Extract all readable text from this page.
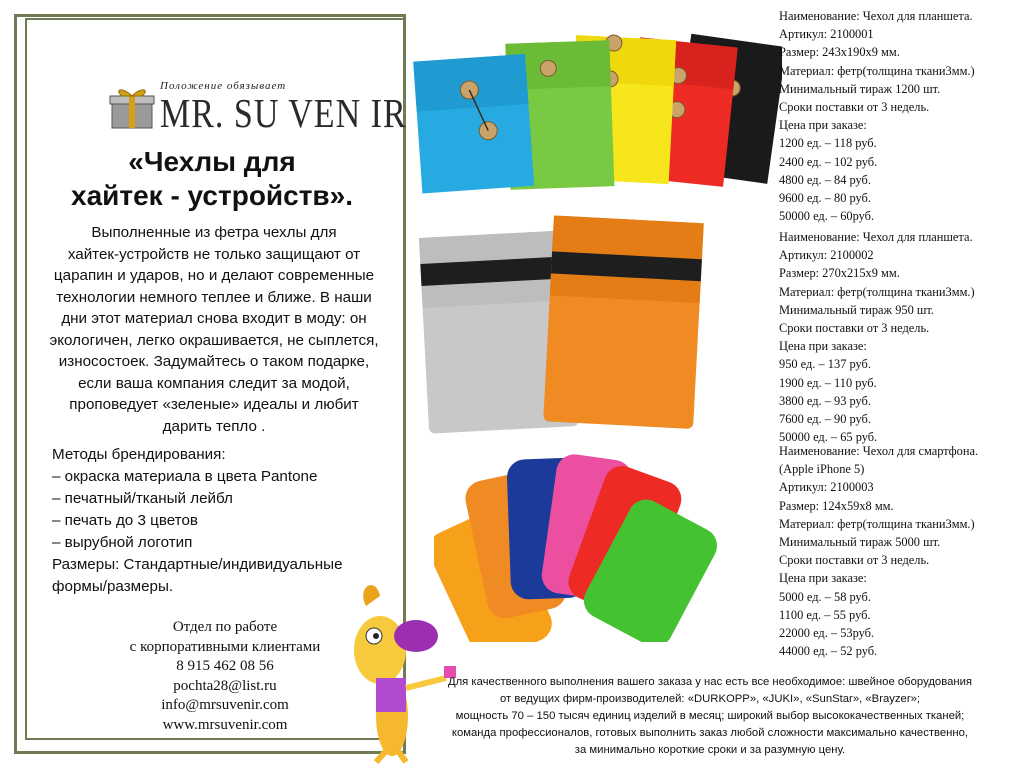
Положение обязывает
MR. SU VEN IR
«Чехлы для
хайтек - устройств».
Выполненные из фетра чехлы для
хайтек-устройств не только защищают от
царапин и ударов, но и делают современные
технологии немного теплее и ближе. В наши
дни этот материал снова входит в моду: он
экологичен, легко окрашивается, не сыплется,
износостоек. Задумайтесь о таком подарке,
если ваша компания следит за модой,
проповедует «зеленые» идеалы и любит
дарить тепло .
Методы брендирования:
– окраска материала в цвета Pantone
– печатный/тканый лейбл
– печать до 3 цветов
– вырубной логотип
Размеры: Стандартные/индивидуальные
формы/размеры.
Отдел по работе
с корпоративными клиентами
8 915 462 08 56
pochta28@list.ru
info@mrsuvenir.com
www.mrsuvenir.com
Наименование: Чехол для планшета.
Артикул: 2100001
Размер: 243х190х9 мм.
Материал: фетр(толщина ткани3мм.)
Минимальный тираж 1200 шт.
Сроки поставки от 3 недель.
Цена при заказе:
1200 ед. – 118 руб.
2400 ед. – 102 руб.
4800 ед. – 84 руб.
9600 ед. – 80 руб.
50000 ед. – 60руб.
Наименование: Чехол для планшета.
Артикул: 2100002
Размер: 270х215х9 мм.
Материал: фетр(толщина ткани3мм.)
Минимальный тираж 950 шт.
Сроки поставки от 3 недель.
Цена при заказе:
950 ед. – 137 руб.
1900 ед. – 110 руб.
3800 ед. – 93 руб.
7600 ед. – 90 руб.
50000 ед. – 65 руб.
Наименование: Чехол для смартфона.
(Apple iPhone 5)
Артикул: 2100003
Размер: 124х59х8 мм.
Материал: фетр(толщина ткани3мм.)
Минимальный тираж 5000 шт.
Сроки поставки от 3 недель.
Цена при заказе:
5000 ед. – 58 руб.
1100 ед. – 55 руб.
22000 ед. – 53руб.
44000 ед. – 52 руб.
Для качественного выполнения вашего заказа у нас есть все необходимое: швейное оборудования
от ведущих фирм-производителей: «DURKOPP», «JUKI», «SunStar», «Brayzer»;
мощность 70 – 150 тысяч единиц изделий в месяц; широкий выбор высококачественных тканей;
команда профессионалов, готовых выполнить заказ любой сложности максимально качественно,
за минимально короткие сроки и за разумную цену.
